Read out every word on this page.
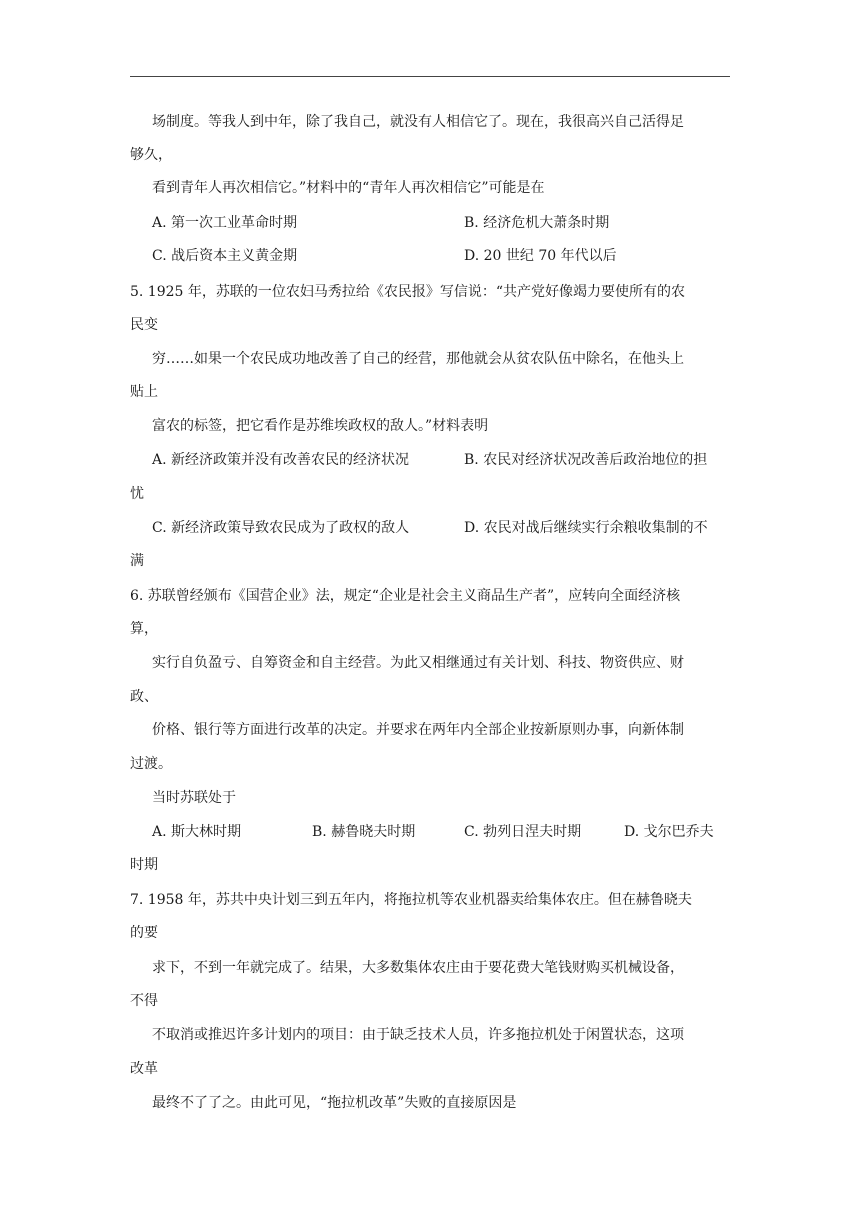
场制度。等我人到中年，除了我自己，就没有人相信它了。现在，我很高兴自己活得足
够久，
看到青年人再次相信它。”材料中的“青年人再次相信它”可能是在
A. 第一次工业革命时期	B. 经济危机大萧条时期
C. 战后资本主义黄金期	D. 20 世纪 70 年代以后
5. 1925 年，苏联的一位农妇马秀拉给《农民报》写信说：“共产党好像竭力要使所有的农
民变
穷……如果一个农民成功地改善了自己的经营，那他就会从贫农队伍中除名，在他头上
贴上
富农的标签，把它看作是苏维埃政权的敌人。”材料表明
A. 新经济政策并没有改善农民的经济状况	B. 农民对经济状况改善后政治地位的担
忧
C. 新经济政策导致农民成为了政权的敌人	D. 农民对战后继续实行余粮收集制的不
满
6. 苏联曾经颁布《国营企业》法，规定“企业是社会主义商品生产者”，应转向全面经济核
算，
实行自负盈亏、自筹资金和自主经营。为此又相继通过有关计划、科技、物资供应、财
政、
价格、银行等方面进行改革的决定。并要求在两年内全部企业按新原则办事，向新体制
过渡。
当时苏联处于
A. 斯大林时期	B. 赫鲁晓夫时期	C. 勃列日涅夫时期	D. 戈尔巴乔夫
时期
7. 1958 年，苏共中央计划三到五年内，将拖拉机等农业机器卖给集体农庄。但在赫鲁晓夫
的要
求下，不到一年就完成了。结果，大多数集体农庄由于要花费大笔钱财购买机械设备，
不得
不取消或推迟许多计划内的项目：由于缺乏技术人员，许多拖拉机处于闲置状态，这项
改革
最终不了了之。由此可见，“拖拉机改革”失败的直接原因是
